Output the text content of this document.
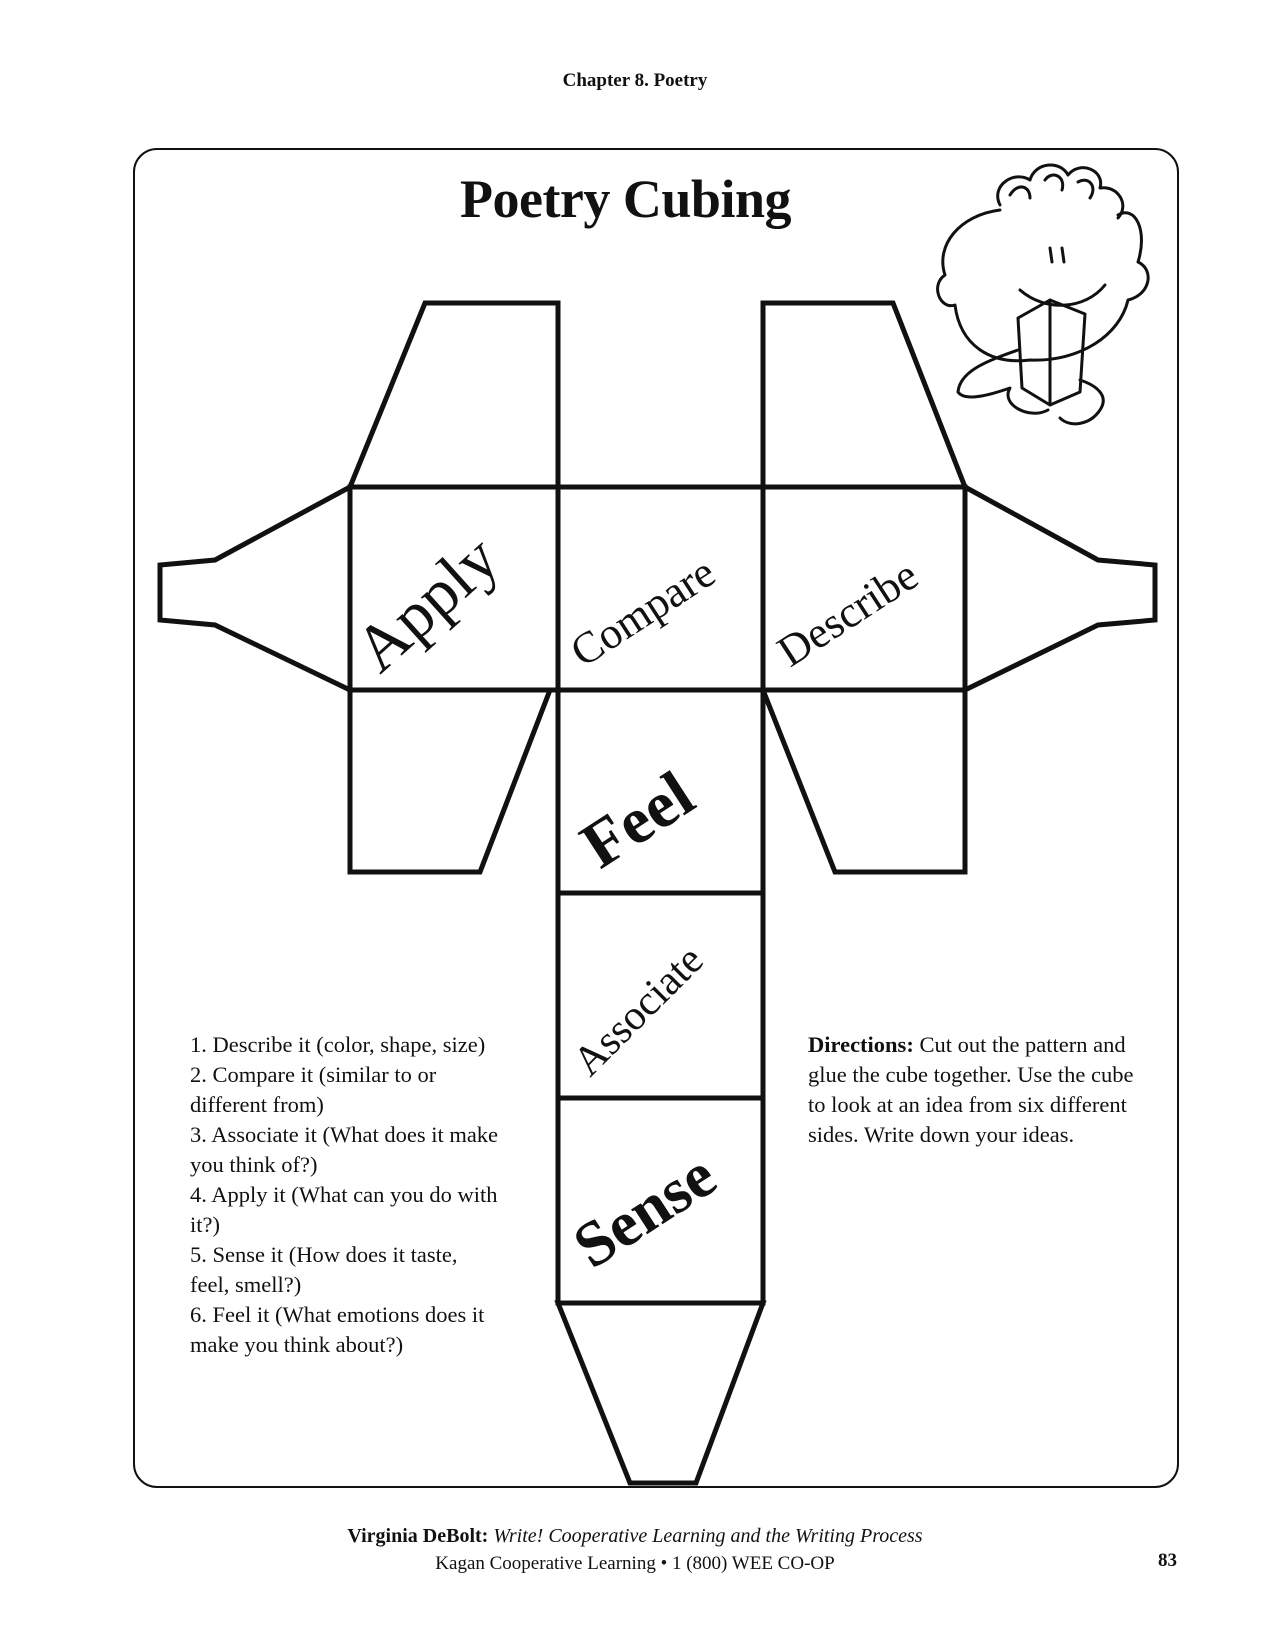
Chapter 8. Poetry
Poetry Cubing
Apply Compare Describe
Feel
Associate
Sense
1. Describe it (color, shape, size)
2. Compare it (similar to or different from)
3. Associate it (What does it make you think of?)
4. Apply it (What can you do with it?)
5. Sense it (How does it taste, feel, smell?)
6. Feel it (What emotions does it make you think about?)
Directions: Cut out the pattern and glue the cube together. Use the cube to look at an idea from six different sides. Write down your ideas.
Virginia DeBolt: Write! Cooperative Learning and the Writing Process
Kagan Cooperative Learning • 1 (800) WEE CO-OP	83
